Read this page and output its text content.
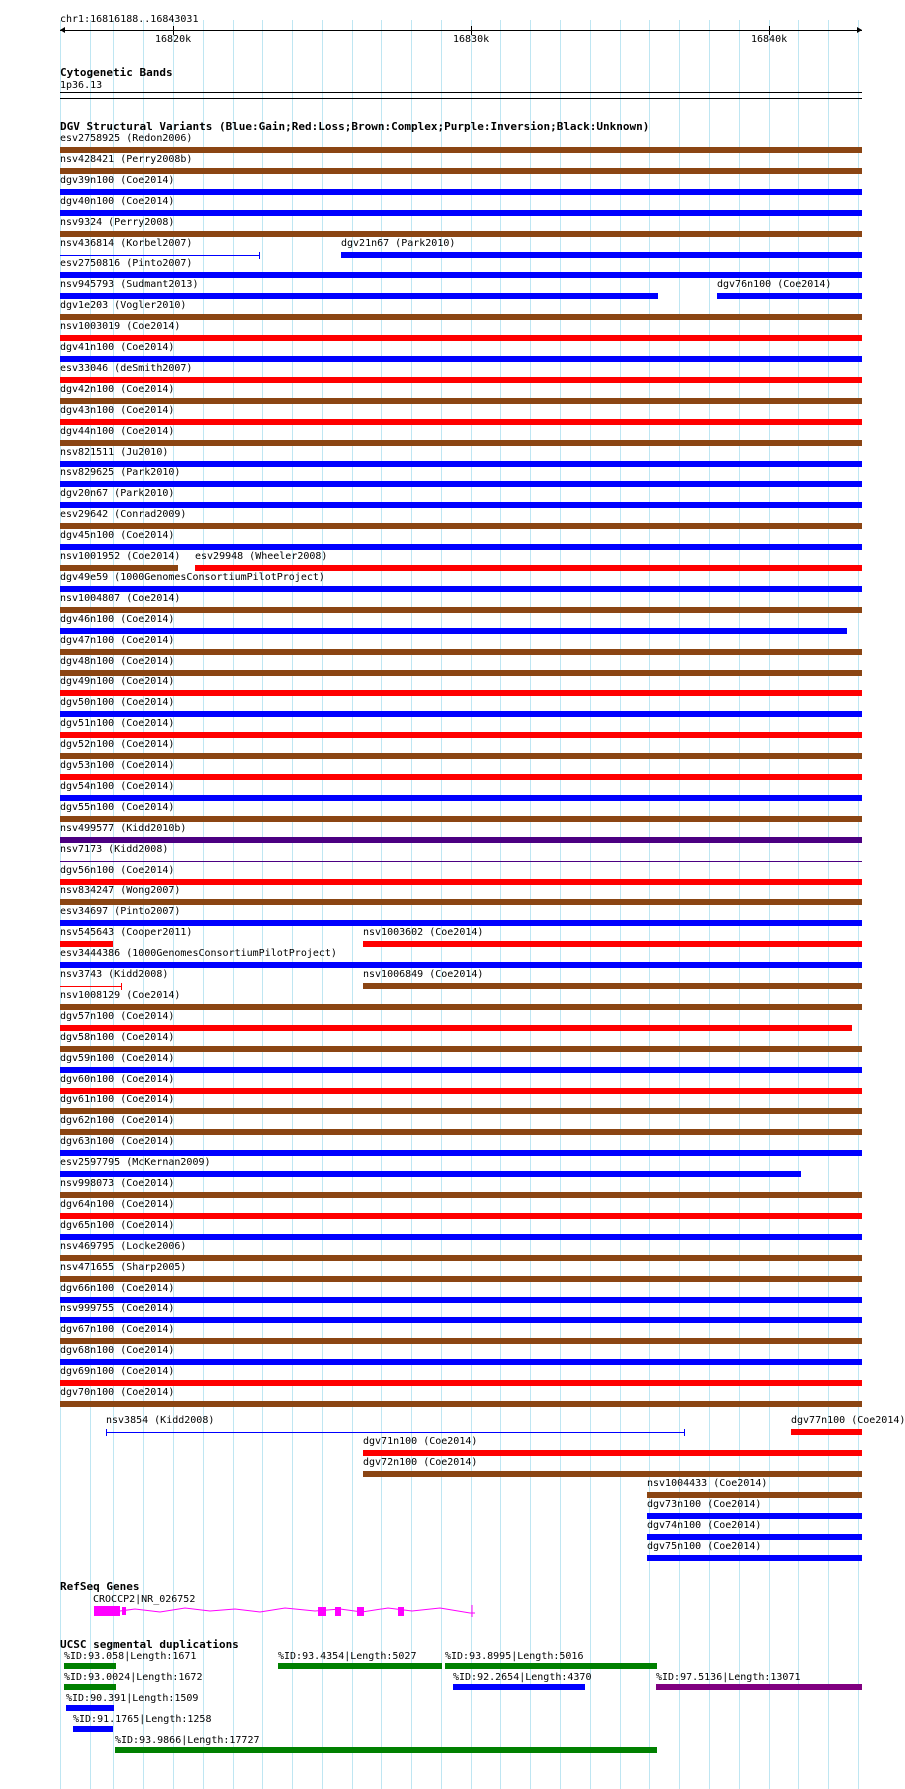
chr1:16816188..16843031
16820k	16830k	16840k
Cytogenetic Bands
1p36.13
DGV Structural Variants (Blue:Gain;Red:Loss;Brown:Complex;Purple:Inversion;Black:Unknown)
RefSeq Genes
CROCCP2|NR_026752
UCSC segmental duplications
esv2758925 (Redon2006)
nsv428421 (Perry2008b)
dgv39n100 (Coe2014)
dgv40n100 (Coe2014)
nsv9324 (Perry2008)
nsv436814 (Korbel2007)	dgv21n67 (Park2010)
esv2750816 (Pinto2007)
nsv945793 (Sudmant2013)	dgv76n100 (Coe2014)
dgv1e203 (Vogler2010)
nsv1003019 (Coe2014)
dgv41n100 (Coe2014)
esv33046 (deSmith2007)
dgv42n100 (Coe2014)
dgv43n100 (Coe2014)
dgv44n100 (Coe2014)
nsv821511 (Ju2010)
nsv829625 (Park2010)
dgv20n67 (Park2010)
esv29642 (Conrad2009)
dgv45n100 (Coe2014)
nsv1001952 (Coe2014) esv29948 (Wheeler2008)
dgv49e59 (1000GenomesConsortiumPilotProject)
nsv1004807 (Coe2014)
dgv46n100 (Coe2014)
dgv47n100 (Coe2014)
dgv48n100 (Coe2014)
dgv49n100 (Coe2014)
dgv50n100 (Coe2014)
dgv51n100 (Coe2014)
dgv52n100 (Coe2014)
dgv53n100 (Coe2014)
dgv54n100 (Coe2014)
dgv55n100 (Coe2014)
nsv499577 (Kidd2010b)
nsv7173 (Kidd2008)
dgv56n100 (Coe2014)
nsv834247 (Wong2007)
esv34697 (Pinto2007)
nsv545643 (Cooper2011)	nsv1003602 (Coe2014)
esv3444386 (1000GenomesConsortiumPilotProject)
nsv3743 (Kidd2008)	nsv1006849 (Coe2014)
nsv1008129 (Coe2014)
dgv57n100 (Coe2014)
dgv58n100 (Coe2014)
dgv59n100 (Coe2014)
dgv60n100 (Coe2014)
dgv61n100 (Coe2014)
dgv62n100 (Coe2014)
dgv63n100 (Coe2014)
esv2597795 (McKernan2009)
nsv998073 (Coe2014)
dgv64n100 (Coe2014)
dgv65n100 (Coe2014)
nsv469795 (Locke2006)
nsv471655 (Sharp2005)
dgv66n100 (Coe2014)
nsv999755 (Coe2014)
dgv67n100 (Coe2014)
dgv68n100 (Coe2014)
dgv69n100 (Coe2014)
dgv70n100 (Coe2014)
nsv3854 (Kidd2008)	dgv77n100 (Coe2014)
dgv71n100 (Coe2014)
dgv72n100 (Coe2014)
nsv1004433 (Coe2014)
dgv73n100 (Coe2014)
dgv74n100 (Coe2014)
dgv75n100 (Coe2014)
%ID:93.058|Length:1671	%ID:93.4354|Length:5027	%ID:93.8995|Length:5016
%ID:93.0024|Length:1672	%ID:92.2654|Length:4370	%ID:97.5136|Length:13071
%ID:90.391|Length:1509
%ID:91.1765|Length:1258
%ID:93.9866|Length:17727
